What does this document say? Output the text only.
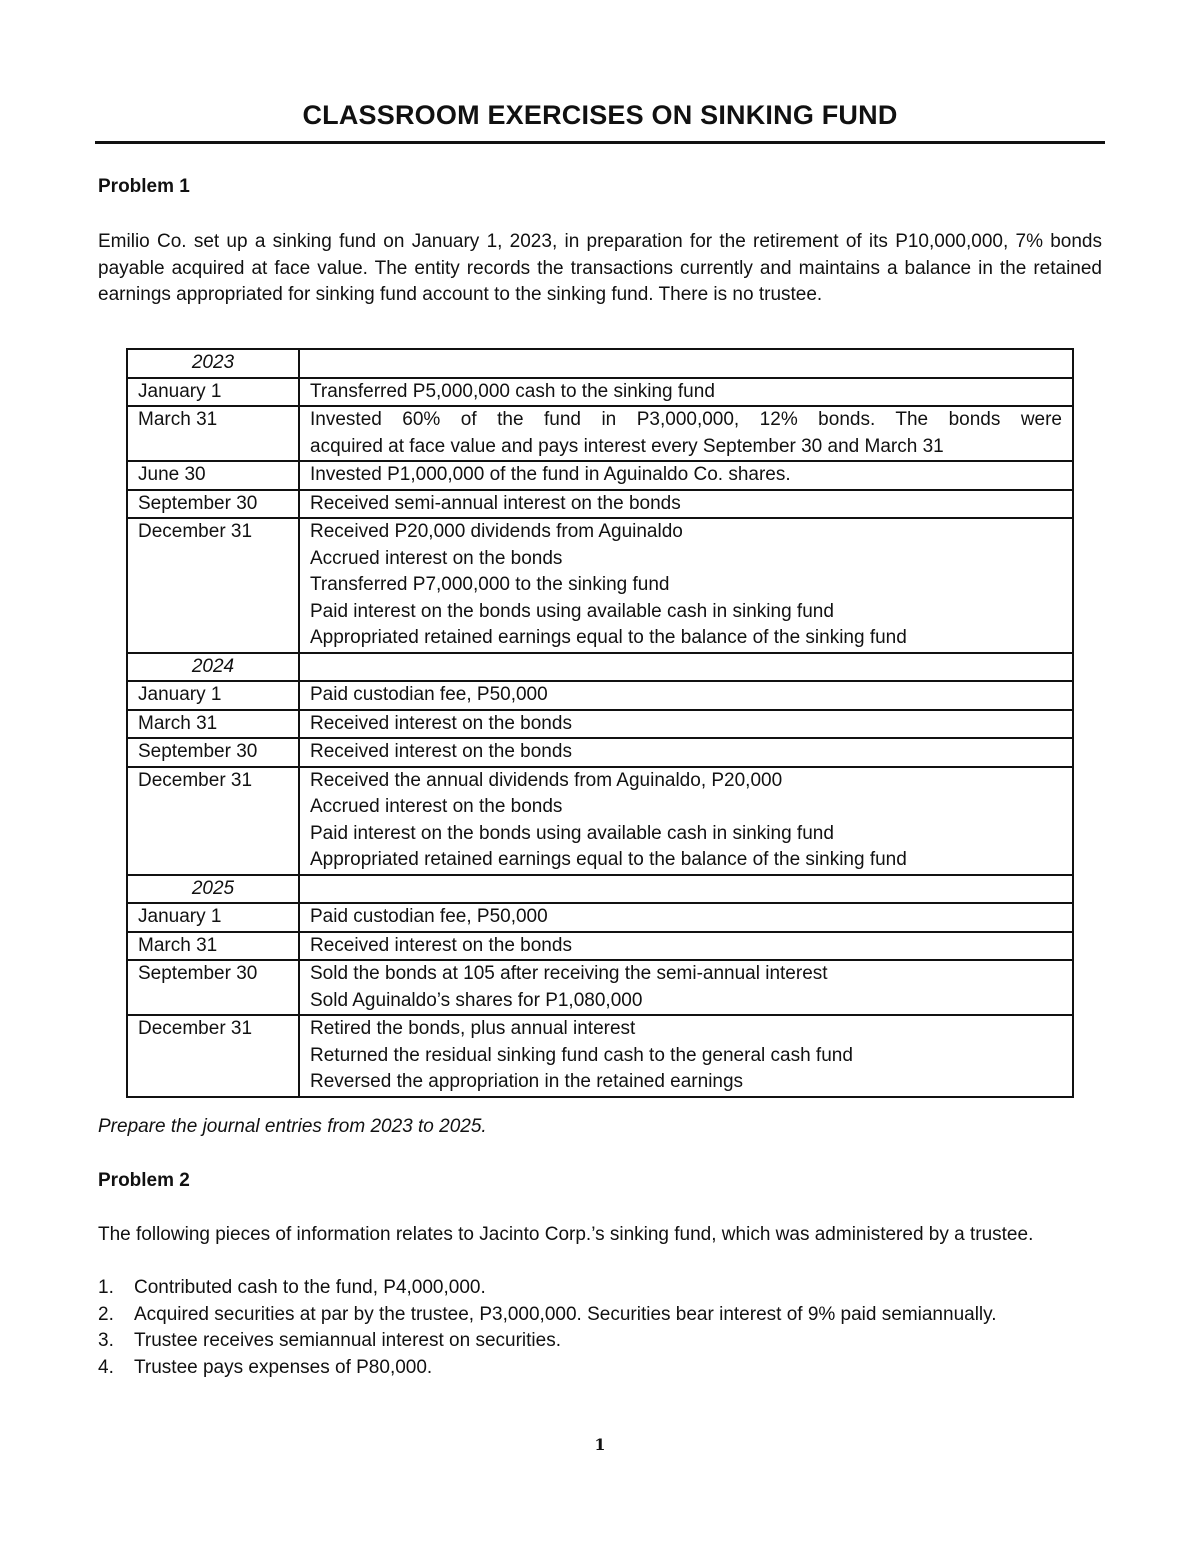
CLASSROOM EXERCISES ON SINKING FUND
Problem 1

Emilio Co. set up a sinking fund on January 1, 2023, in preparation for the retirement of its P10,000,000, 7% bonds payable acquired at face value. The entity records the transactions currently and maintains a balance in the retained earnings appropriated for sinking fund account to the sinking fund. There is no trustee.

2023	
January 1	Transferred P5,000,000 cash to the sinking fund

March 31	Invested 60% of the fund in P3,000,000, 12% bonds. The bonds were
acquired at face value and pays interest every September 30 and March 31

June 30	Invested P1,000,000 of the fund in Aguinaldo Co. shares.

September 30	Received semi-annual interest on the bonds

December 31	Received P20,000 dividends from Aguinaldo
Accrued interest on the bonds
Transferred P7,000,000 to the sinking fund
Paid interest on the bonds using available cash in sinking fund
Appropriated retained earnings equal to the balance of the sinking fund

2024	
January 1	Paid custodian fee, P50,000

March 31	Received interest on the bonds

September 30	Received interest on the bonds

December 31	Received the annual dividends from Aguinaldo, P20,000
Accrued interest on the bonds
Paid interest on the bonds using available cash in sinking fund
Appropriated retained earnings equal to the balance of the sinking fund

2025	
January 1	Paid custodian fee, P50,000

March 31	Received interest on the bonds

September 30	Sold the bonds at 105 after receiving the semi-annual interest
Sold Aguinaldo’s shares for P1,080,000

December 31	Retired the bonds, plus annual interest
Returned the residual sinking fund cash to the general cash fund
Reversed the appropriation in the retained earnings
Prepare the journal entries from 2023 to 2025.
Problem 2

The following pieces of information relates to Jacinto Corp.’s sinking fund, which was administered by a trustee.

1. Contributed cash to the fund, P4,000,000.
2. Acquired securities at par by the trustee, P3,000,000. Securities bear interest of 9% paid semiannually.
3. Trustee receives semiannual interest on securities.
4. Trustee pays expenses of P80,000.
1
